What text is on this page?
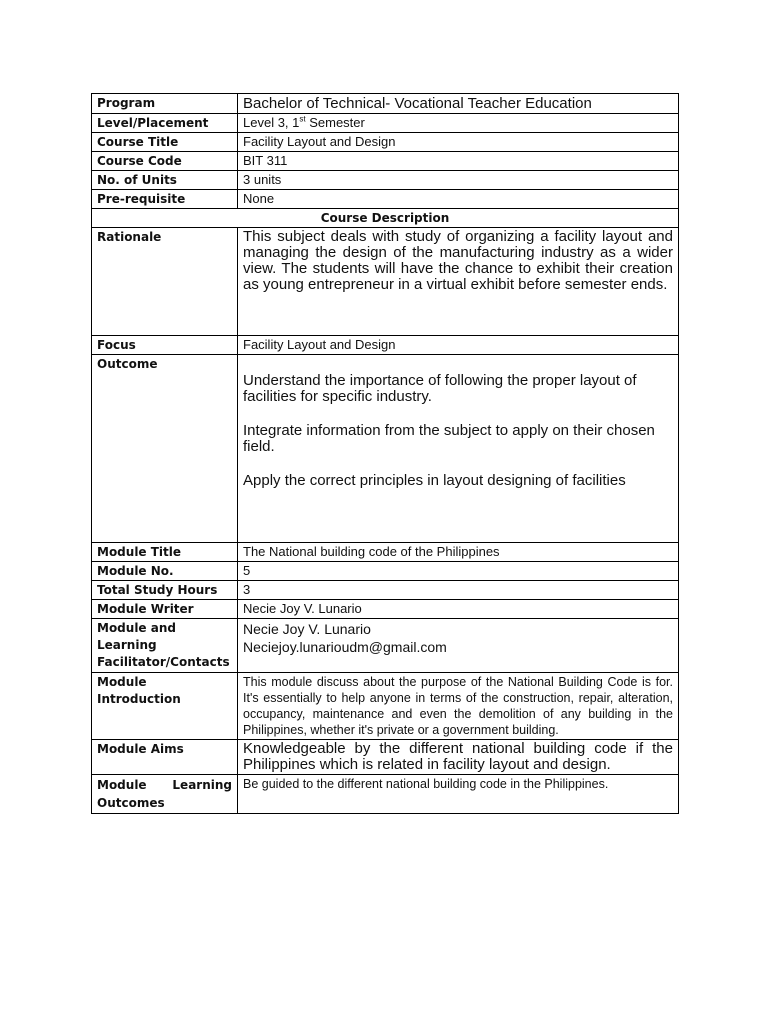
Program	Bachelor of Technical- Vocational Teacher Education
Level/Placement	Level 3, 1st Semester
Course Title	Facility Layout and Design
Course Code	BIT 311
No. of Units	3 units
Pre-requisite	None
Course Description	
Rationale	This subject deals with study of organizing a facility layout and managing the design of the manufacturing industry as a wider view. The students will have the chance to exhibit their creation as young entrepreneur in a virtual exhibit before semester ends.
Focus	Facility Layout and Design
Outcome	Understand the importance of following the proper layout of facilities for specific industry.
Integrate information from the subject to apply on their chosen field.
Apply the correct principles in layout designing of facilities

Module Title	The National building code of the Philippines
Module No.	5
Total Study Hours	3
Module Writer	Necie Joy V. Lunario
Module and Learning Facilitator/Contacts	Necie Joy V. Lunario
Neciejoy.lunarioudm@gmail.com

Module Introduction	This module discuss about the purpose of the National Building Code is for. It's essentially to help anyone in terms of the construction, repair, alteration, occupancy, maintenance and even the demolition of any building in the Philippines, whether it's private or a government building.
Module Aims	Knowledgeable by the different national building code if the Philippines which is related in facility layout and design.
Module Learning Outcomes	Be guided to the different national building code in the Philippines.
